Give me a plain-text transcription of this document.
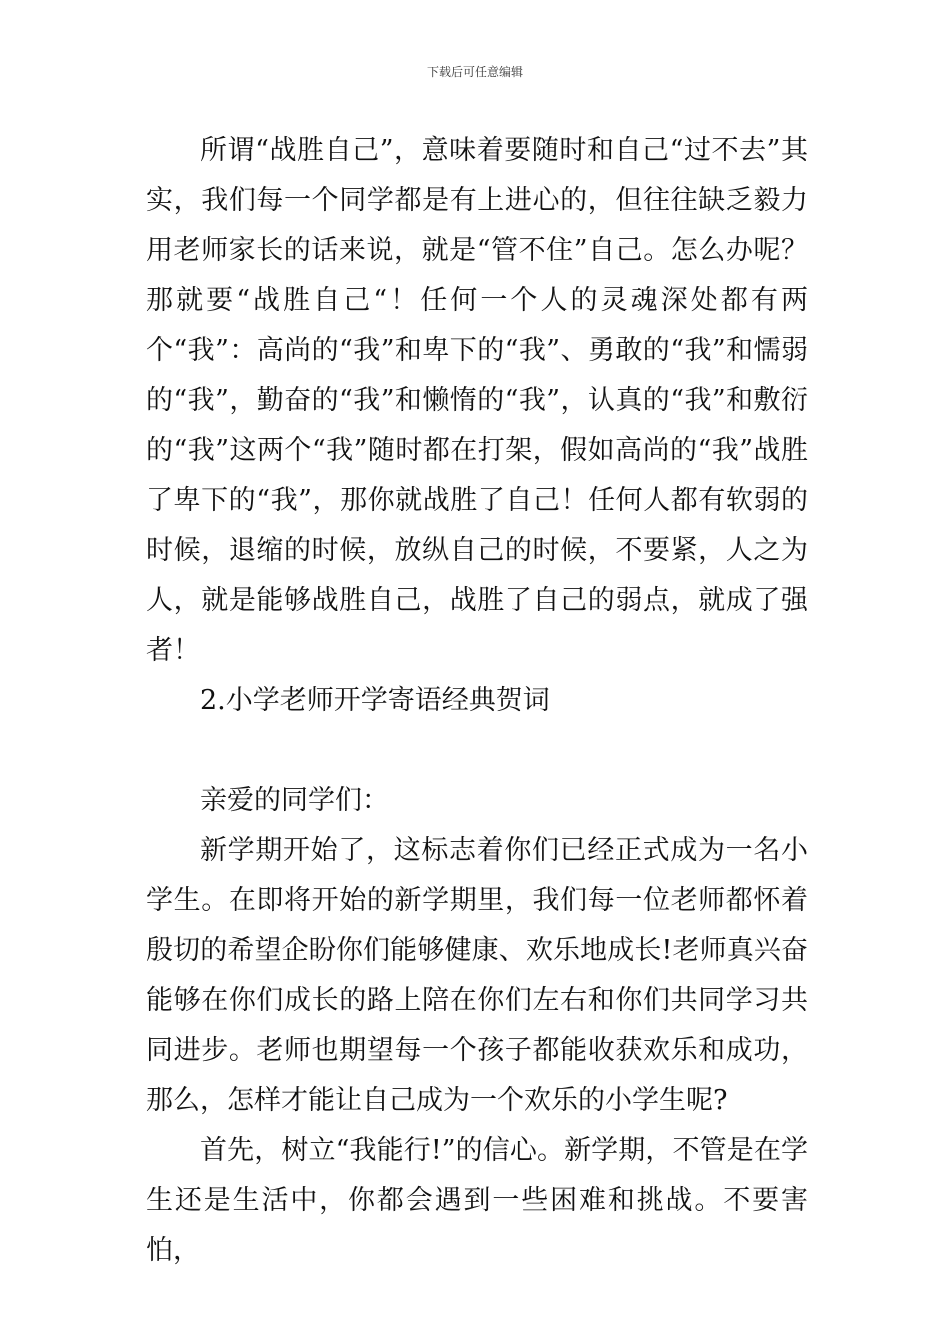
下载后可任意编辑

所谓“战胜自己”，意味着要随时和自己“过不去”其实，我们每一个同学都是有上进心的，但往往缺乏毅力用老师家长的话来说，就是“管不住”自己。怎么办呢？那就要“战胜自己“！任何一个人的灵魂深处都有两个“我”：高尚的“我”和卑下的“我”、勇敢的“我”和懦弱的“我”，勤奋的“我”和懒惰的“我”，认真的“我”和敷衍的“我”这两个“我”随时都在打架，假如高尚的“我”战胜了卑下的“我”，那你就战胜了自己！任何人都有软弱的时候，退缩的时候，放纵自己的时候，不要紧，人之为人，就是能够战胜自己，战胜了自己的弱点，就成了强者！

2.小学老师开学寄语经典贺词

亲爱的同学们：

新学期开始了，这标志着你们已经正式成为一名小学生。在即将开始的新学期里，我们每一位老师都怀着殷切的希望企盼你们能够健康、欢乐地成长!老师真兴奋能够在你们成长的路上陪在你们左右和你们共同学习共同进步。老师也期望每一个孩子都能收获欢乐和成功，那么，怎样才能让自己成为一个欢乐的小学生呢?

首先，树立“我能行!”的信心。新学期，不管是在学生还是生活中，你都会遇到一些困难和挑战。不要害怕，
